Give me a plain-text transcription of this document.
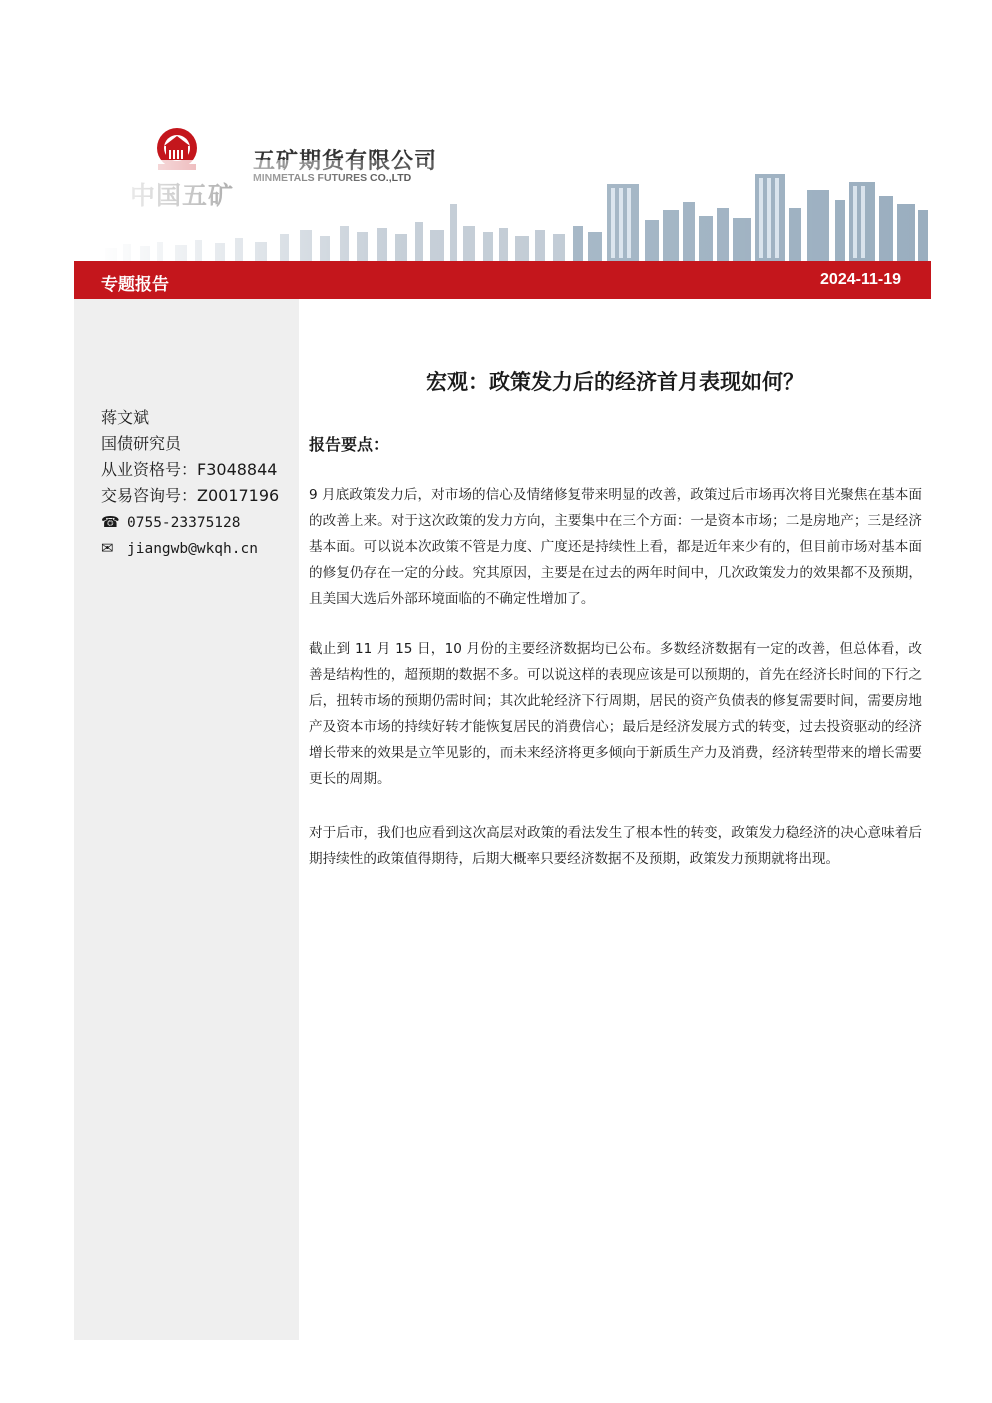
专题报告	2024-11-19
蒋文斌
国债研究员
从业资格号：F3048844
交易咨询号：Z0017196
☎ 0755-23375128
✉ jiangwb@wkqh.cn
宏观：政策发力后的经济首月表现如何？
报告要点：
9 月底政策发力后，对市场的信心及情绪修复带来明显的改善，政策过后市场再次将目光聚焦在基本面的改善上来。对于这次政策的发力方向，主要集中在三个方面：一是资本市场；二是房地产；三是经济基本面。可以说本次政策不管是力度、广度还是持续性上看，都是近年来少有的，但目前市场对基本面的修复仍存在一定的分歧。究其原因，主要是在过去的两年时间中，几次政策发力的效果都不及预期，且美国大选后外部环境面临的不确定性增加了。
截止到 11 月 15 日，10 月份的主要经济数据均已公布。多数经济数据有一定的改善，但总体看，改善是结构性的，超预期的数据不多。可以说这样的表现应该是可以预期的，首先在经济长时间的下行之后，扭转市场的预期仍需时间；其次此轮经济下行周期，居民的资产负债表的修复需要时间，需要房地产及资本市场的持续好转才能恢复居民的消费信心；最后是经济发展方式的转变，过去投资驱动的经济增长带来的效果是立竿见影的，而未来经济将更多倾向于新质生产力及消费，经济转型带来的增长需要更长的周期。
对于后市，我们也应看到这次高层对政策的看法发生了根本性的转变，政策发力稳经济的决心意味着后期持续性的政策值得期待，后期大概率只要经济数据不及预期，政策发力预期就将出现。
